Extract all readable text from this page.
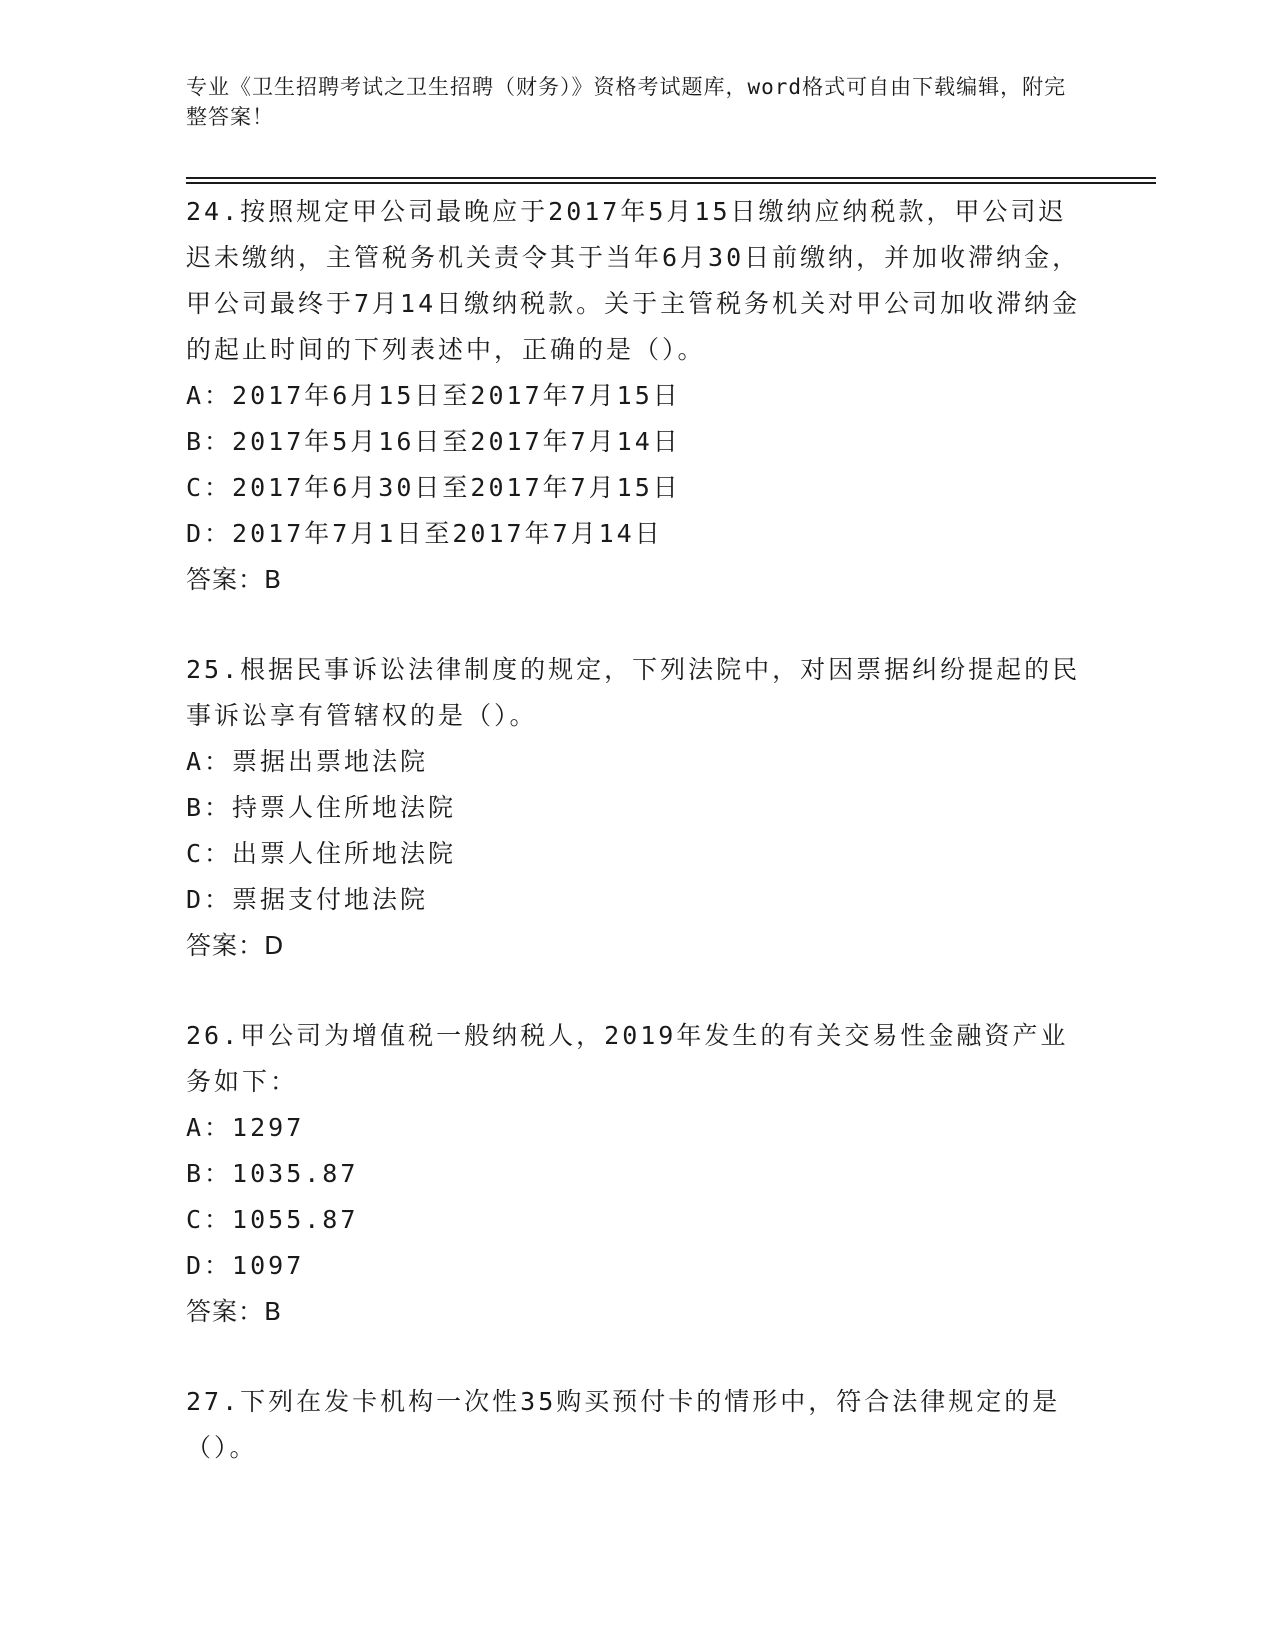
专业《卫生招聘考试之卫生招聘（财务）》资格考试题库，word格式可自由下载编辑，附完整答案！

24.按照规定甲公司最晚应于2017年5月15日缴纳应纳税款，甲公司迟迟未缴纳，主管税务机关责令其于当年6月30日前缴纳，并加收滞纳金，甲公司最终于7月14日缴纳税款。关于主管税务机关对甲公司加收滞纳金的起止时间的下列表述中，正确的是（）。

A：2017年6月15日至2017年7月15日

B：2017年5月16日至2017年7月14日

C：2017年6月30日至2017年7月15日

D：2017年7月1日至2017年7月14日

答案：B

25.根据民事诉讼法律制度的规定，下列法院中，对因票据纠纷提起的民事诉讼享有管辖权的是（）。

A：票据出票地法院

B：持票人住所地法院

C：出票人住所地法院

D：票据支付地法院

答案：D

26.甲公司为增值税一般纳税人，2019年发生的有关交易性金融资产业务如下：

A：1297

B：1035.87

C：1055.87

D：1097

答案：B

27.下列在发卡机构一次性35购买预付卡的情形中，符合法律规定的是（）。
